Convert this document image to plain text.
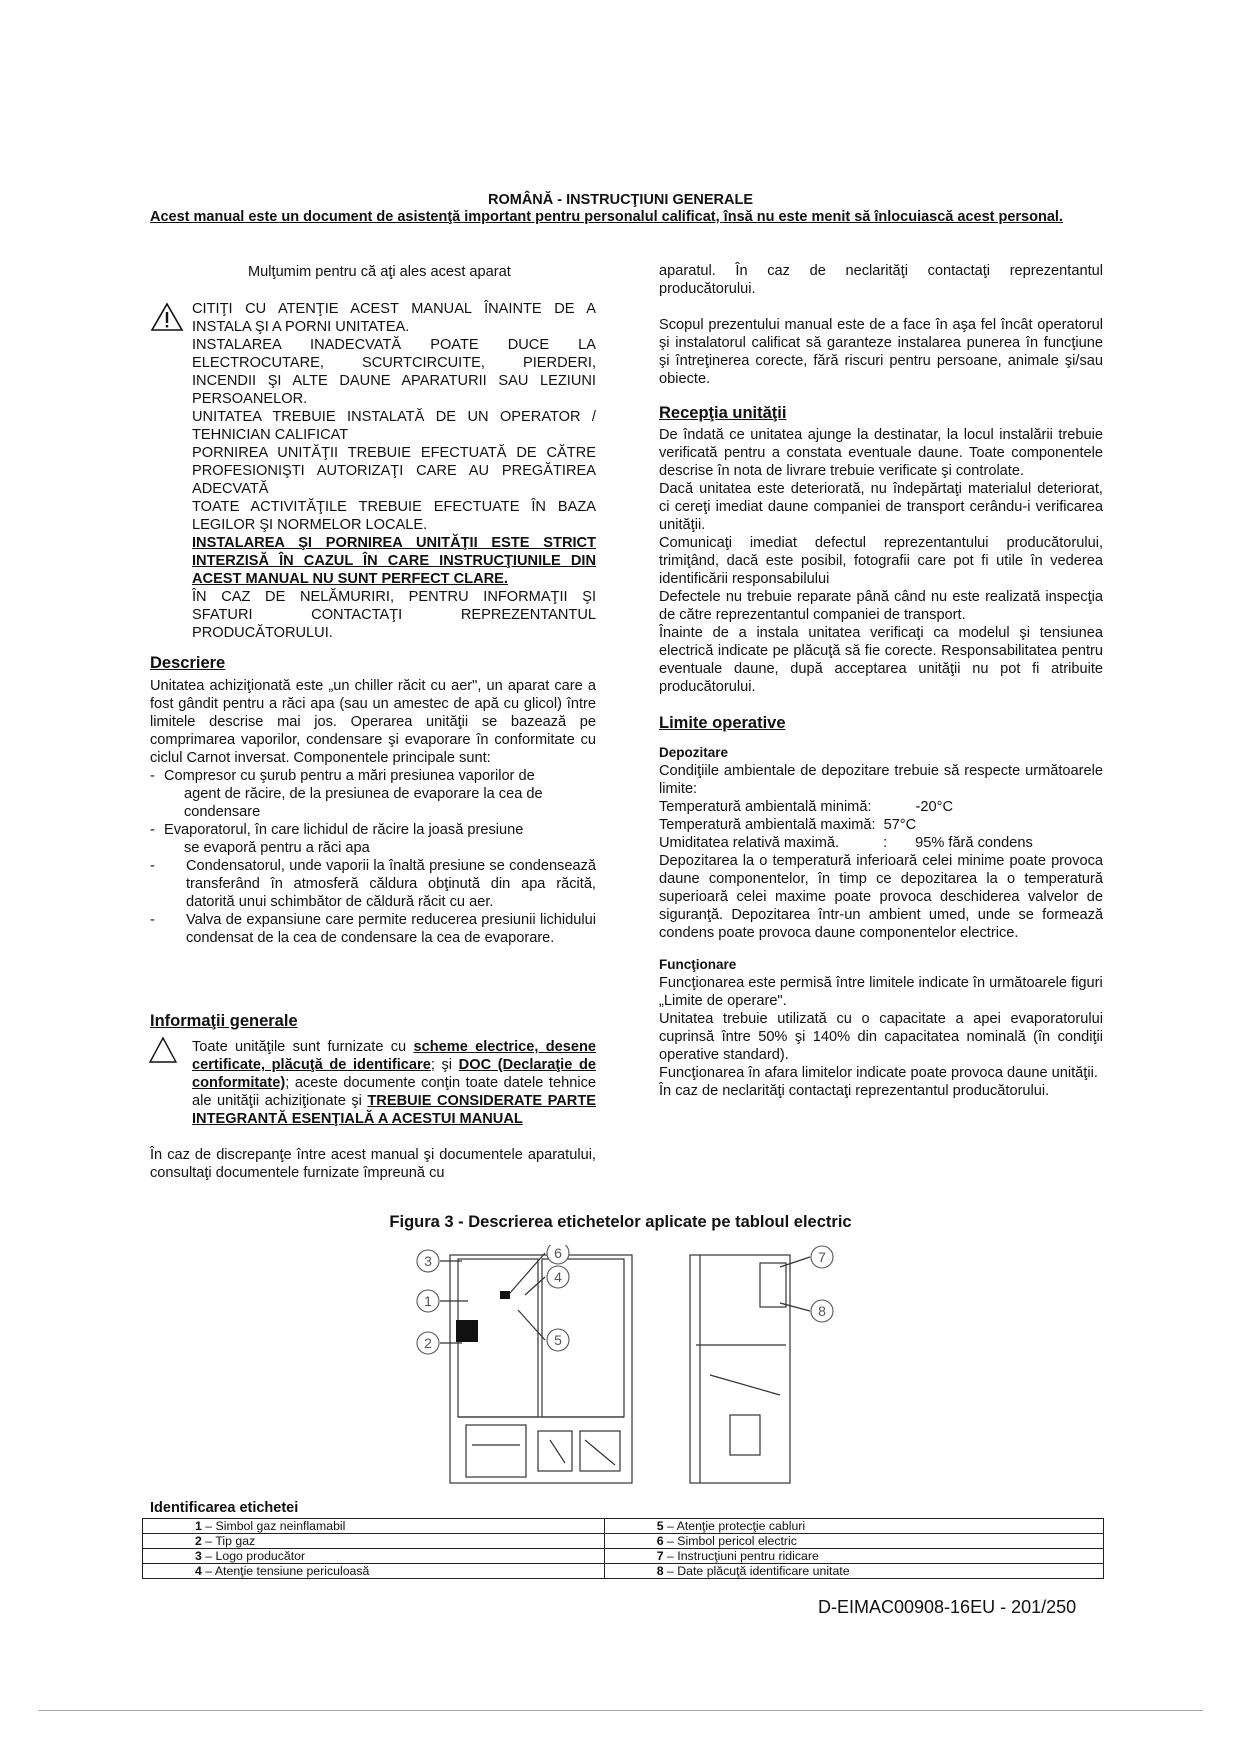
ROMÂNĂ - INSTRUCŢIUNI GENERALE
Acest manual este un document de asistenţă important pentru personalul calificat, însă nu este menit să înlocuiască acest personal.
Mulţumim pentru că aţi ales acest aparat

CITIŢI CU ATENŢIE ACEST MANUAL ÎNAINTE DE A INSTALA ŞI A PORNI UNITATEA.

INSTALAREA INADECVATĂ POATE DUCE LA ELECTROCUTARE, SCURTCIRCUITE, PIERDERI, INCENDII ŞI ALTE DAUNE APARATURII SAU LEZIUNI PERSOANELOR.

UNITATEA TREBUIE INSTALATĂ DE UN OPERATOR / TEHNICIAN CALIFICAT

PORNIREA UNITĂŢII TREBUIE EFECTUATĂ DE CĂTRE PROFESIONIŞTI AUTORIZAŢI CARE AU PREGĂTIREA ADECVATĂ

TOATE ACTIVITĂŢILE TREBUIE EFECTUATE ÎN BAZA LEGILOR ŞI NORMELOR LOCALE.

INSTALAREA ŞI PORNIREA UNITĂŢII ESTE STRICT INTERZISĂ ÎN CAZUL ÎN CARE INSTRUCŢIUNILE DIN ACEST MANUAL NU SUNT PERFECT CLARE.

ÎN CAZ DE NELĂMURIRI, PENTRU INFORMAŢII ŞI SFATURI CONTACTAŢI REPREZENTANTUL PRODUCĂTORULUI.

Descriere

Unitatea achiziţionată este „un chiller răcit cu aer", un aparat care a fost gândit pentru a răci apa (sau un amestec de apă cu glicol) între limitele descrise mai jos. Operarea unităţii se bazează pe comprimarea vaporilor, condensare şi evaporare în conformitate cu ciclul Carnot inversat. Componentele principale sunt:

- Compresor cu şurub pentru a mări presiunea vaporilor de

agent de răcire, de la presiunea de evaporare la cea de condensare
- Evaporatorul, în care lichidul de răcire la joasă presiune

se evaporă pentru a răci apa
-	Condensatorul, unde vaporii la înaltă presiune se condensează transferând în atmosferă căldura obţinută din apa răcită, datorită unui schimbător de căldură răcit cu aer.
-	Valva de expansiune care permite reducerea presiunii lichidului condensat de la cea de condensare la cea de evaporare.
Informaţii generale
Toate unităţile sunt furnizate cu scheme electrice, desene certificate, plăcuţă de identificare; şi DOC (Declaraţie de conformitate); aceste documente conţin toate datele tehnice ale unităţii achiziţionate şi TREBUIE CONSIDERATE PARTE INTEGRANTĂ ESENŢIALĂ A ACESTUI MANUAL
În caz de discrepanţe între acest manual şi documentele aparatului, consultaţi documentele furnizate împreună cu

aparatul. În caz de neclarităţi contactaţi reprezentantul producătorului.

Scopul prezentului manual este de a face în aşa fel încât operatorul şi instalatorul calificat să garanteze instalarea punerea în funcţiune şi întreţinerea corecte, fără riscuri pentru persoane, animale şi/sau obiecte.

Recepţia unităţii

De îndată ce unitatea ajunge la destinatar, la locul instalării trebuie verificată pentru a constata eventuale daune. Toate componentele descrise în nota de livrare trebuie verificate şi controlate.

Dacă unitatea este deteriorată, nu îndepărtaţi materialul deteriorat, ci cereţi imediat daune companiei de transport cerându-i verificarea unităţii.

Comunicaţi imediat defectul reprezentantului producătorului, trimiţând, dacă este posibil, fotografii care pot fi utile în vederea identificării responsabilului

Defectele nu trebuie reparate până când nu este realizată inspecţia de către reprezentantul companiei de transport.

Înainte de a instala unitatea verificaţi ca modelul şi tensiunea electrică indicate pe plăcuţă să fie corecte. Responsabilitatea pentru eventuale daune, după acceptarea unităţii nu pot fi atribuite producătorului.

Limite operative
Depozitare

Condiţiile ambientale de depozitare trebuie să respecte următoarele limite:

Temperatură ambientală minimă:	-20°C

Temperatură ambientală maximă: 57°C

Umiditatea relativă maximă.	: 95% fără condens

Depozitarea la o temperatură inferioară celei minime poate provoca daune componentelor, în timp ce depozitarea la o temperatură superioară celei maxime poate provoca deschiderea valvelor de siguranţă. Depozitarea într-un ambient umed, unde se formează condens poate provoca daune componentelor electrice.

Funcţionare

Funcţionarea este permisă între limitele indicate în următoarele figuri „Limite de operare".

Unitatea trebuie utilizată cu o capacitate a apei evaporatorului cuprinsă între 50% şi 140% din capacitatea nominală (în condiţii operative standard).

Funcţionarea în afara limitelor indicate poate provoca daune unităţii.

În caz de neclarităţi contactaţi reprezentantul producătorului.

Figura 3 - Descrierea etichetelor aplicate pe tabloul electric
3
1
2
6
4
5
7
8
Identificarea etichetei
1 – Simbol gaz neinflamabil	5 – Atenţie protecţie cabluri
2 – Tip gaz	6 – Simbol pericol electric
3 – Logo producător	7 – Instrucţiuni pentru ridicare
4 – Atenţie tensiune periculoasă	8 – Date plăcuţă identificare unitate
D-EIMAC00908-16EU - 201/250
